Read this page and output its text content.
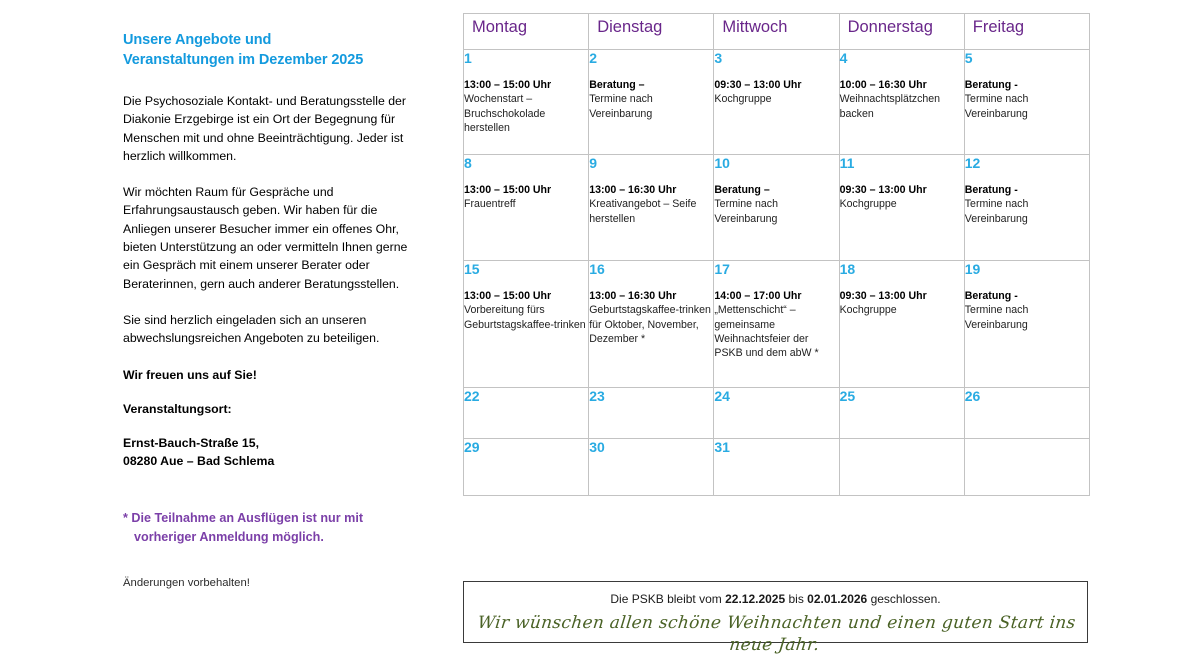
Unsere Angebote und
Veranstaltungen im Dezember 2025

Die Psychosoziale Kontakt- und Beratungsstelle der Diakonie Erzgebirge ist ein Ort der Begegnung für Menschen mit und ohne Beeinträchtigung. Jeder ist herzlich willkommen.

Wir möchten Raum für Gespräche und Erfahrungsaustausch geben. Wir haben für die Anliegen unserer Besucher immer ein offenes Ohr, bieten Unterstützung an oder vermitteln Ihnen gerne ein Gespräch mit einem unserer Berater oder Beraterinnen, gern auch anderer Beratungsstellen.

Sie sind herzlich eingeladen sich an unseren abwechslungsreichen Angeboten zu beteiligen.

Wir freuen uns auf Sie!

Veranstaltungsort:

Ernst-Bauch-Straße 15,
08280 Aue – Bad Schlema

* Die Teilnahme an Ausflügen ist nur mit
vorheriger Anmeldung möglich.

Änderungen vorbehalten!

Montag	Dienstag	Mittwoch	Donnerstag	Freitag

1
13:00 – 15:00 Uhr
Wochenstart – Bruchschokolade herstellen	2
Beratung –
Termine nach Vereinbarung	3
09:30 – 13:00 Uhr
Kochgruppe	4
10:00 – 16:30 Uhr
Weihnachtsplätzchen backen	5
Beratung -
Termine nach Vereinbarung

8
13:00 – 15:00 Uhr
Frauentreff	9
13:00 – 16:30 Uhr
Kreativangebot – Seife herstellen	10
Beratung –
Termine nach Vereinbarung	11
09:30 – 13:00 Uhr
Kochgruppe	12
Beratung -
Termine nach Vereinbarung

15
13:00 – 15:00 Uhr
Vorbereitung fürs Geburtstagskaffee-trinken	16
13:00 – 16:30 Uhr
Geburtstagskaffee-trinken für Oktober, November, Dezember *	17
14:00 – 17:00 Uhr
„Mettenschicht“ – gemeinsame Weihnachtsfeier der PSKB und dem abW *	18
09:30 – 13:00 Uhr
Kochgruppe	19
Beratung -
Termine nach Vereinbarung

22	23	24	25	26

29	30	31		

Die PSKB bleibt vom 22.12.2025 bis 02.01.2026 geschlossen.
Wir wünschen allen schöne Weihnachten und einen guten Start ins neue Jahr.
